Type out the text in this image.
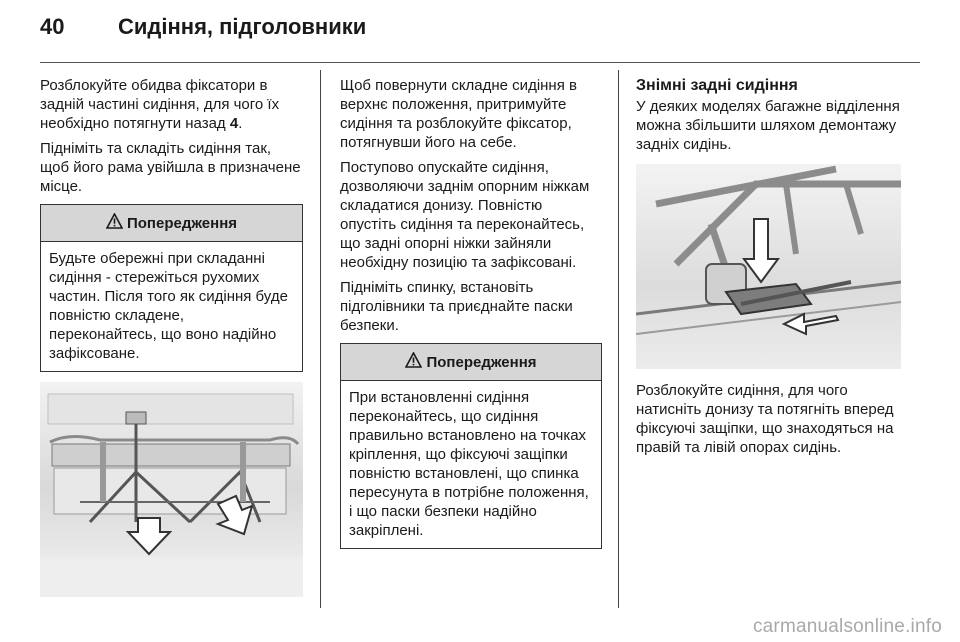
40	Сидіння, підголовники

Розблокуйте обидва фіксатори в задній частині сидіння, для чого їх необхідно потягнути назад 4.

Підніміть та складіть сидіння так, щоб його рама увійшла в призначене місце.

Попередження
Будьте обережні при складанні сидіння - стережіться рухомих частин. Після того як сидіння буде повністю складене, переконайтесь, що воно надійно зафіксоване.

Щоб повернути складне сидіння в верхнє положення, притримуйте сидіння та розблокуйте фіксатор, потягнувши його на себе.

Поступово опускайте сидіння, дозволяючи заднім опорним ніжкам складатися донизу. Повністю опустіть сидіння та переконайтесь, що задні опорні ніжки зайняли необхідну позицію та зафіксовані.

Підніміть спинку, встановіть підголівники та приєднайте паски безпеки.

Попередження
При встановленні сидіння переконайтесь, що сидіння правильно встановлено на точках кріплення, що фіксуючі защіпки повністю встановлені, що спинка пересунута в потрібне положення, і що паски безпеки надійно закріплені.
Знімні задні сидіння

У деяких моделях багажне відділення можна збільшити шляхом демонтажу задніх сидінь.

Розблокуйте сидіння, для чого натисніть донизу та потягніть вперед фіксуючі защіпки, що знаходяться на правій та лівій опорах сидінь.

carmanualsonline.info
